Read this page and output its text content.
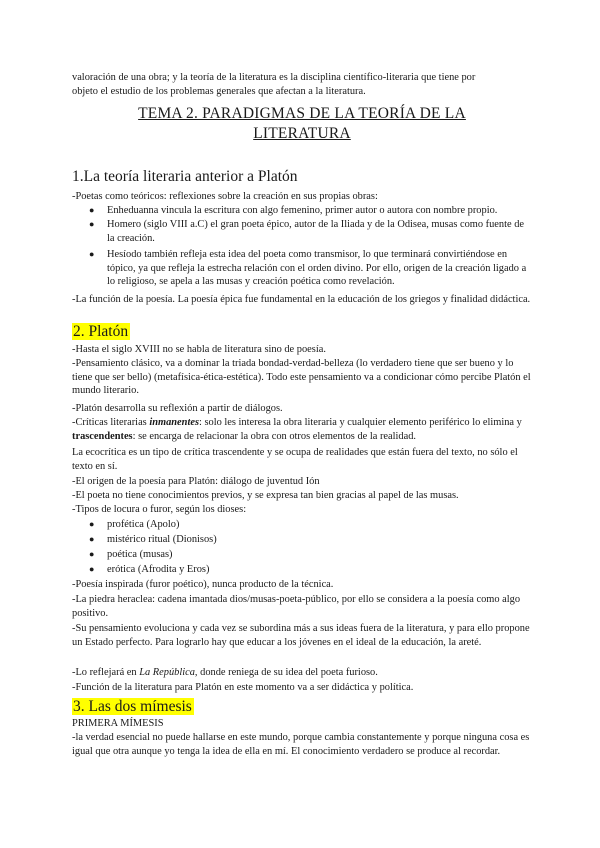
valoración de una obra; y la teoría de la literatura es la disciplina científico-literaria que tiene por
objeto el estudio de los problemas generales que afectan a la literatura.
TEMA 2. PARADIGMAS DE LA TEORÍA DE LA
LITERATURA
1.La teoría literaria anterior a Platón
-Poetas como teóricos: reflexiones sobre la creación en sus propias obras:
● Enheduanna vincula la escritura con algo femenino, primer autor o autora con nombre propio.
● Homero (siglo VIII a.C) el gran poeta épico, autor de la Iliada y de la Odisea, musas como fuente de la creación.
● Hesíodo también refleja esta idea del poeta como transmisor, lo que terminará convirtiéndose en tópico, ya que refleja la estrecha relación con el orden divino. Por ello, origen de la creación ligado a lo religioso, se apela a las musas y creación poética como revelación.
-La función de la poesía. La poesía épica fue fundamental en la educación de los griegos y finalidad didáctica.
2. Platón
-Hasta el siglo XVIII no se habla de literatura sino de poesía.
-Pensamiento clásico, va a dominar la triada bondad-verdad-belleza (lo verdadero tiene que ser bueno y lo tiene que ser bello) (metafísica-ética-estética). Todo este pensamiento va a condicionar cómo percibe Platón el mundo literario.
-Platón desarrolla su reflexión a partir de diálogos.
-Críticas literarias inmanentes: solo les interesa la obra literaria y cualquier elemento periférico lo elimina y trascendentes: se encarga de relacionar la obra con otros elementos de la realidad.
La ecocrítica es un tipo de crítica trascendente y se ocupa de realidades que están fuera del texto, no sólo el texto en sí.
-El origen de la poesía para Platón: diálogo de juventud Ión
-El poeta no tiene conocimientos previos, y se expresa tan bien gracias al papel de las musas.
-Tipos de locura o furor, según los dioses:
● profética (Apolo)
● mistérico ritual (Dionisos)
● poética (musas)
● erótica (Afrodita y Eros)
-Poesía inspirada (furor poético), nunca producto de la técnica.
-La piedra heraclea: cadena imantada dios/musas-poeta-público, por ello se considera a la poesía como algo positivo.
-Su pensamiento evoluciona y cada vez se subordina más a sus ideas fuera de la literatura, y para ello propone un Estado perfecto. Para lograrlo hay que educar a los jóvenes en el ideal de la educación, la areté.
-Lo reflejará en La República, donde reniega de su idea del poeta furioso.
-Función de la literatura para Platón en este momento va a ser didáctica y política.
3. Las dos mímesis
PRIMERA MÍMESIS
-la verdad esencial no puede hallarse en este mundo, porque cambia constantemente y porque ninguna cosa es igual que otra aunque yo tenga la idea de ella en mí. El conocimiento verdadero se produce al recordar.
